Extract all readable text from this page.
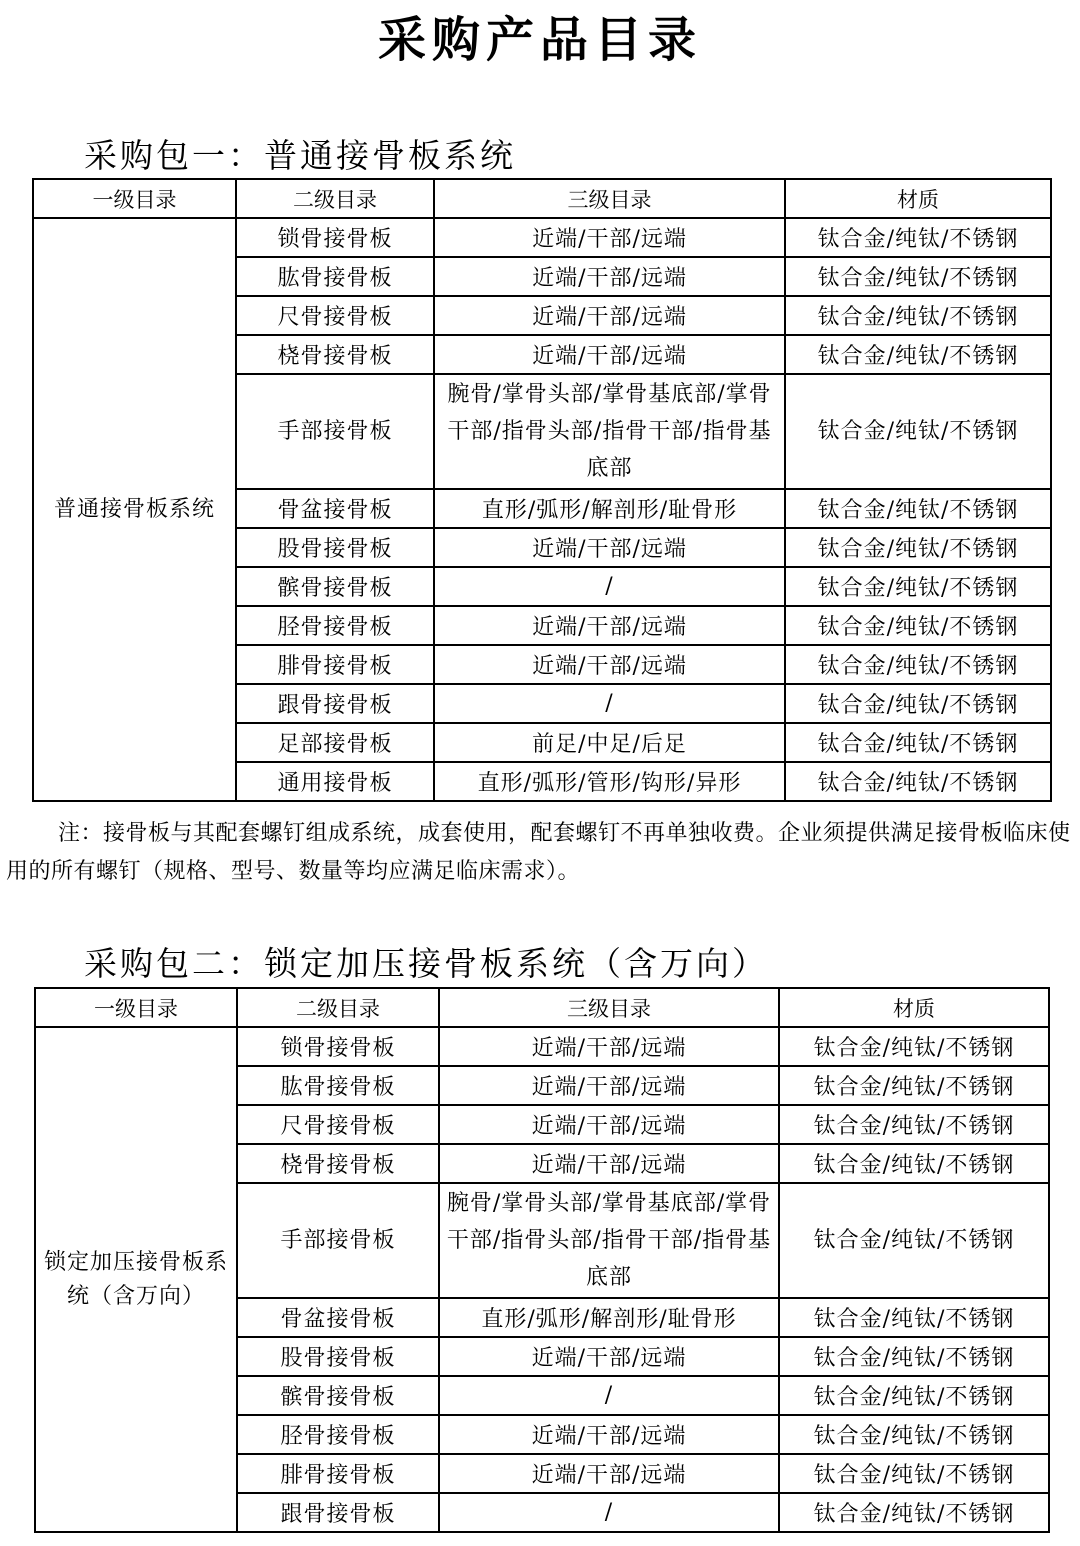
采购产品目录
采购包一：普通接骨板系统
一级目录	二级目录	三级目录	材质
普通接骨板系统	锁骨接骨板	近端/干部/远端	钛合金/纯钛/不锈钢
	肱骨接骨板	近端/干部/远端	钛合金/纯钛/不锈钢
	尺骨接骨板	近端/干部/远端	钛合金/纯钛/不锈钢
	桡骨接骨板	近端/干部/远端	钛合金/纯钛/不锈钢
	手部接骨板	腕骨/掌骨头部/掌骨基底部/掌骨干部/指骨头部/指骨干部/指骨基底部	钛合金/纯钛/不锈钢
	骨盆接骨板	直形/弧形/解剖形/耻骨形	钛合金/纯钛/不锈钢
	股骨接骨板	近端/干部/远端	钛合金/纯钛/不锈钢
	髌骨接骨板	/	钛合金/纯钛/不锈钢
	胫骨接骨板	近端/干部/远端	钛合金/纯钛/不锈钢
	腓骨接骨板	近端/干部/远端	钛合金/纯钛/不锈钢
	跟骨接骨板	/	钛合金/纯钛/不锈钢
	足部接骨板	前足/中足/后足	钛合金/纯钛/不锈钢
	通用接骨板	直形/弧形/管形/钩形/异形	钛合金/纯钛/不锈钢
注：接骨板与其配套螺钉组成系统，成套使用，配套螺钉不再单独收费。企业须提供满足接骨板临床使用的所有螺钉（规格、型号、数量等均应满足临床需求）。
采购包二：锁定加压接骨板系统（含万向）
一级目录	二级目录	三级目录	材质
锁定加压接骨板系统（含万向）	锁骨接骨板	近端/干部/远端	钛合金/纯钛/不锈钢
	肱骨接骨板	近端/干部/远端	钛合金/纯钛/不锈钢
	尺骨接骨板	近端/干部/远端	钛合金/纯钛/不锈钢
	桡骨接骨板	近端/干部/远端	钛合金/纯钛/不锈钢
	手部接骨板	腕骨/掌骨头部/掌骨基底部/掌骨干部/指骨头部/指骨干部/指骨基底部	钛合金/纯钛/不锈钢
	骨盆接骨板	直形/弧形/解剖形/耻骨形	钛合金/纯钛/不锈钢
	股骨接骨板	近端/干部/远端	钛合金/纯钛/不锈钢
	髌骨接骨板	/	钛合金/纯钛/不锈钢
	胫骨接骨板	近端/干部/远端	钛合金/纯钛/不锈钢
	腓骨接骨板	近端/干部/远端	钛合金/纯钛/不锈钢
	跟骨接骨板	/	钛合金/纯钛/不锈钢
